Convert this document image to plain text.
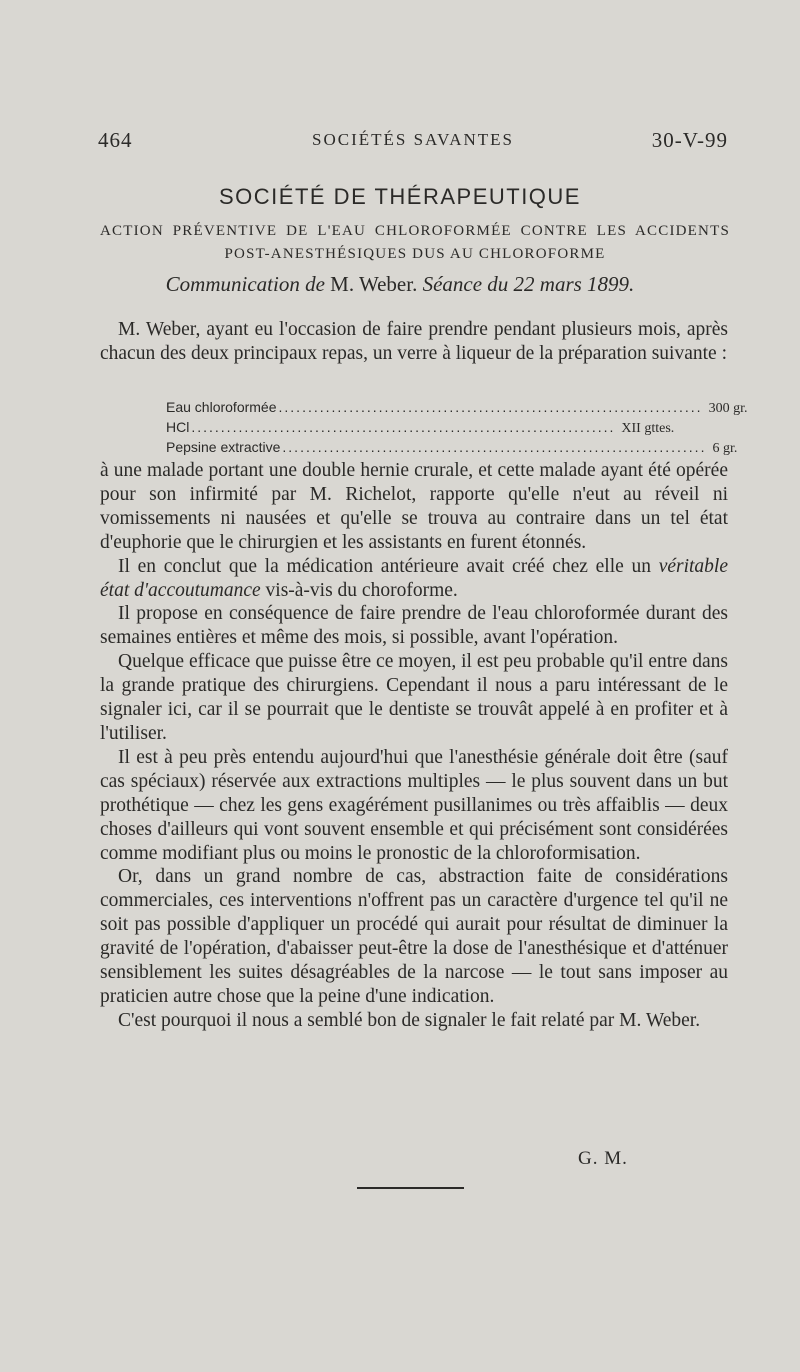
464	SOCIÉTÉS SAVANTES	30-V-99
SOCIÉTÉ DE THÉRAPEUTIQUE
ACTION PRÉVENTIVE DE L'EAU CHLOROFORMÉE CONTRE LES ACCIDENTS POST-ANESTHÉSIQUES DUS AU CHLOROFORME
Communication de M. Weber. Séance du 22 mars 1899.

M. Weber, ayant eu l'occasion de faire prendre pendant plusieurs mois, après chacun des deux principaux repas, un verre à liqueur de la préparation suivante :

Eau chloroformée ........................................................................ 300 gr.
HCl ........................................................................ XII gttes.
Pepsine extractive ........................................................................ 6 gr.

à une malade portant une double hernie crurale, et cette malade ayant été opérée pour son infirmité par M. Richelot, rapporte qu'elle n'eut au réveil ni vomissements ni nausées et qu'elle se trouva au contraire dans un tel état d'euphorie que le chirurgien et les assistants en furent étonnés.

Il en conclut que la médication antérieure avait créé chez elle un véritable état d'accoutumance vis-à-vis du choroforme.

Il propose en conséquence de faire prendre de l'eau chloroformée durant des semaines entières et même des mois, si possible, avant l'opération.

Quelque efficace que puisse être ce moyen, il est peu probable qu'il entre dans la grande pratique des chirurgiens. Cependant il nous a paru intéressant de le signaler ici, car il se pourrait que le dentiste se trouvât appelé à en profiter et à l'utiliser.

Il est à peu près entendu aujourd'hui que l'anesthésie générale doit être (sauf cas spéciaux) réservée aux extractions multiples — le plus souvent dans un but prothétique — chez les gens exagérément pusillanimes ou très affaiblis — deux choses d'ailleurs qui vont souvent ensemble et qui précisément sont considérées comme modifiant plus ou moins le pronostic de la chloroformisation.

Or, dans un grand nombre de cas, abstraction faite de considérations commerciales, ces interventions n'offrent pas un caractère d'urgence tel qu'il ne soit pas possible d'appliquer un procédé qui aurait pour résultat de diminuer la gravité de l'opération, d'abaisser peut-être la dose de l'anesthésique et d'atténuer sensiblement les suites désagréables de la narcose — le tout sans imposer au praticien autre chose que la peine d'une indication.

C'est pourquoi il nous a semblé bon de signaler le fait relaté par M. Weber.

G. M.
